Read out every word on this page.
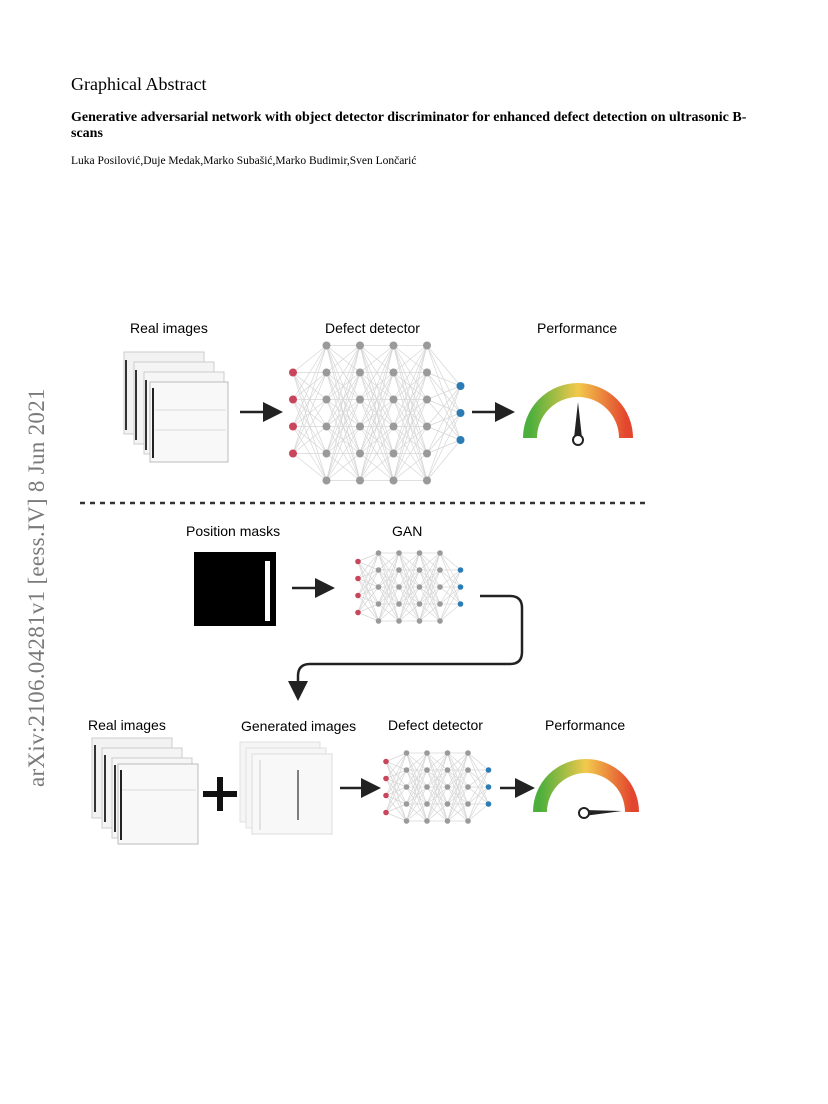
Graphical Abstract
Generative adversarial network with object detector discriminator for enhanced defect detection on ultrasonic B-scans
Luka Posilović,Duje Medak,Marko Subašić,Marko Budimir,Sven Lončarić
arXiv:2106.04281v1 [eess.IV] 8 Jun 2021
Real images	Defect detector	Performance
Position masks	GAN
Real images	Generated images Defect detector	Performance
